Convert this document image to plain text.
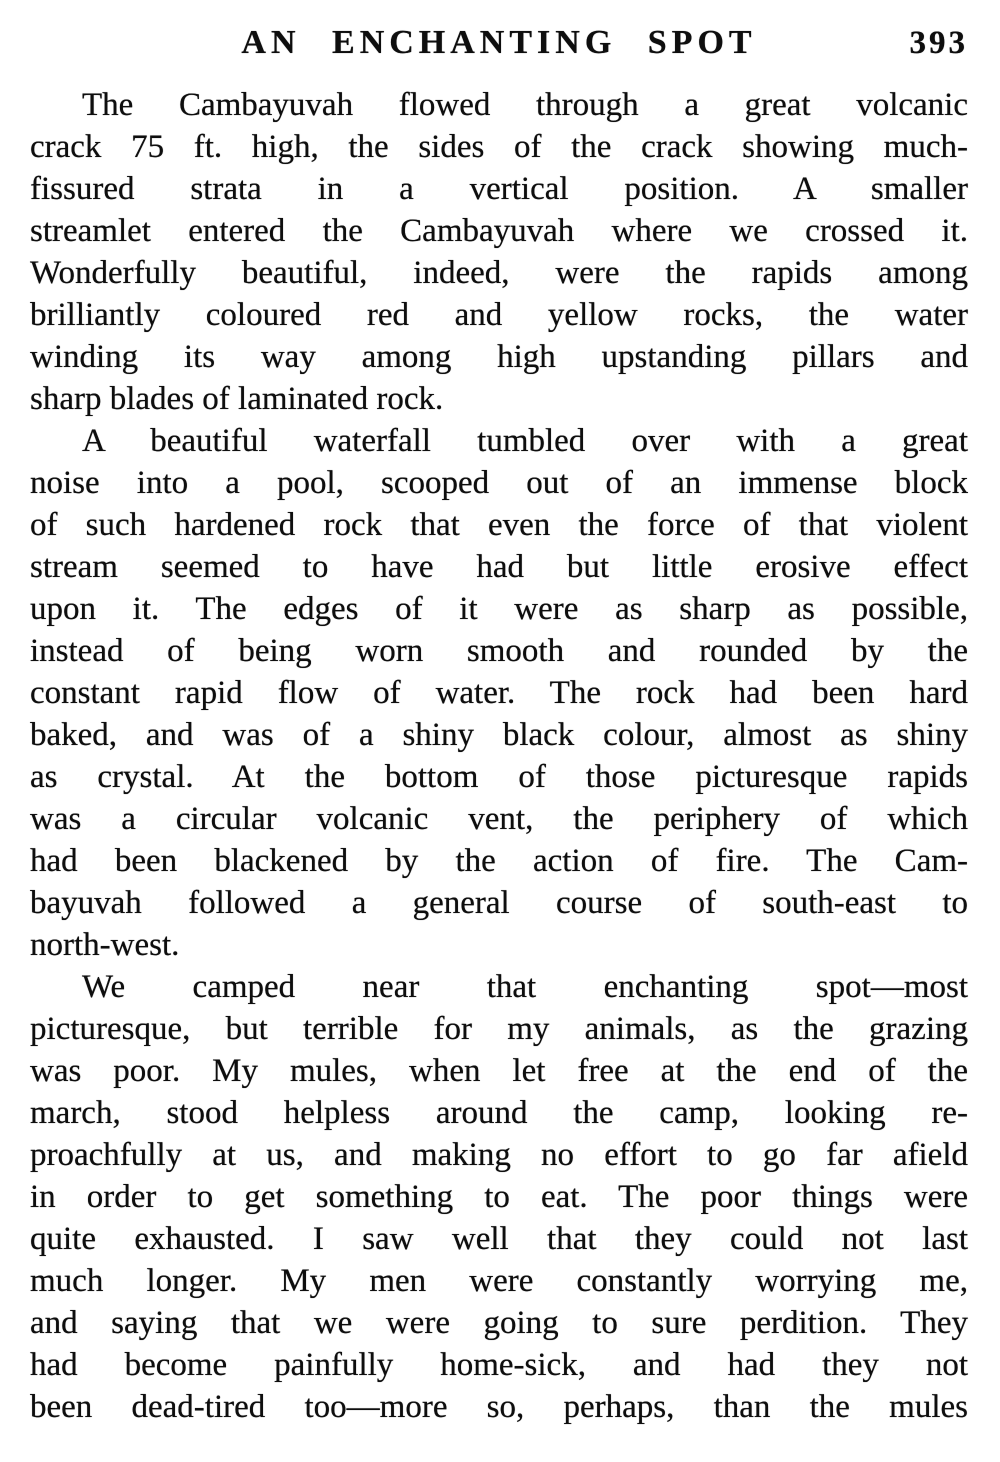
AN ENCHANTING SPOT	393
The Cambayuvah flowed through a great volcanic
crack 75 ft. high, the sides of the crack showing much-
fissured strata in a vertical position. A smaller
streamlet entered the Cambayuvah where we crossed it.
Wonderfully beautiful, indeed, were the rapids among
brilliantly coloured red and yellow rocks, the water
winding its way among high upstanding pillars and
sharp blades of laminated rock.
A beautiful waterfall tumbled over with a great
noise into a pool, scooped out of an immense block
of such hardened rock that even the force of that violent
stream seemed to have had but little erosive effect
upon it. The edges of it were as sharp as possible,
instead of being worn smooth and rounded by the
constant rapid flow of water. The rock had been hard
baked, and was of a shiny black colour, almost as shiny
as crystal. At the bottom of those picturesque rapids
was a circular volcanic vent, the periphery of which
had been blackened by the action of fire. The Cam-
bayuvah followed a general course of south-east to
north-west.
We camped near that enchanting spot—most
picturesque, but terrible for my animals, as the grazing
was poor. My mules, when let free at the end of the
march, stood helpless around the camp, looking re-
proachfully at us, and making no effort to go far afield
in order to get something to eat. The poor things were
quite exhausted. I saw well that they could not last
much longer. My men were constantly worrying me,
and saying that we were going to sure perdition. They
had become painfully home-sick, and had they not
been dead-tired too—more so, perhaps, than the mules
